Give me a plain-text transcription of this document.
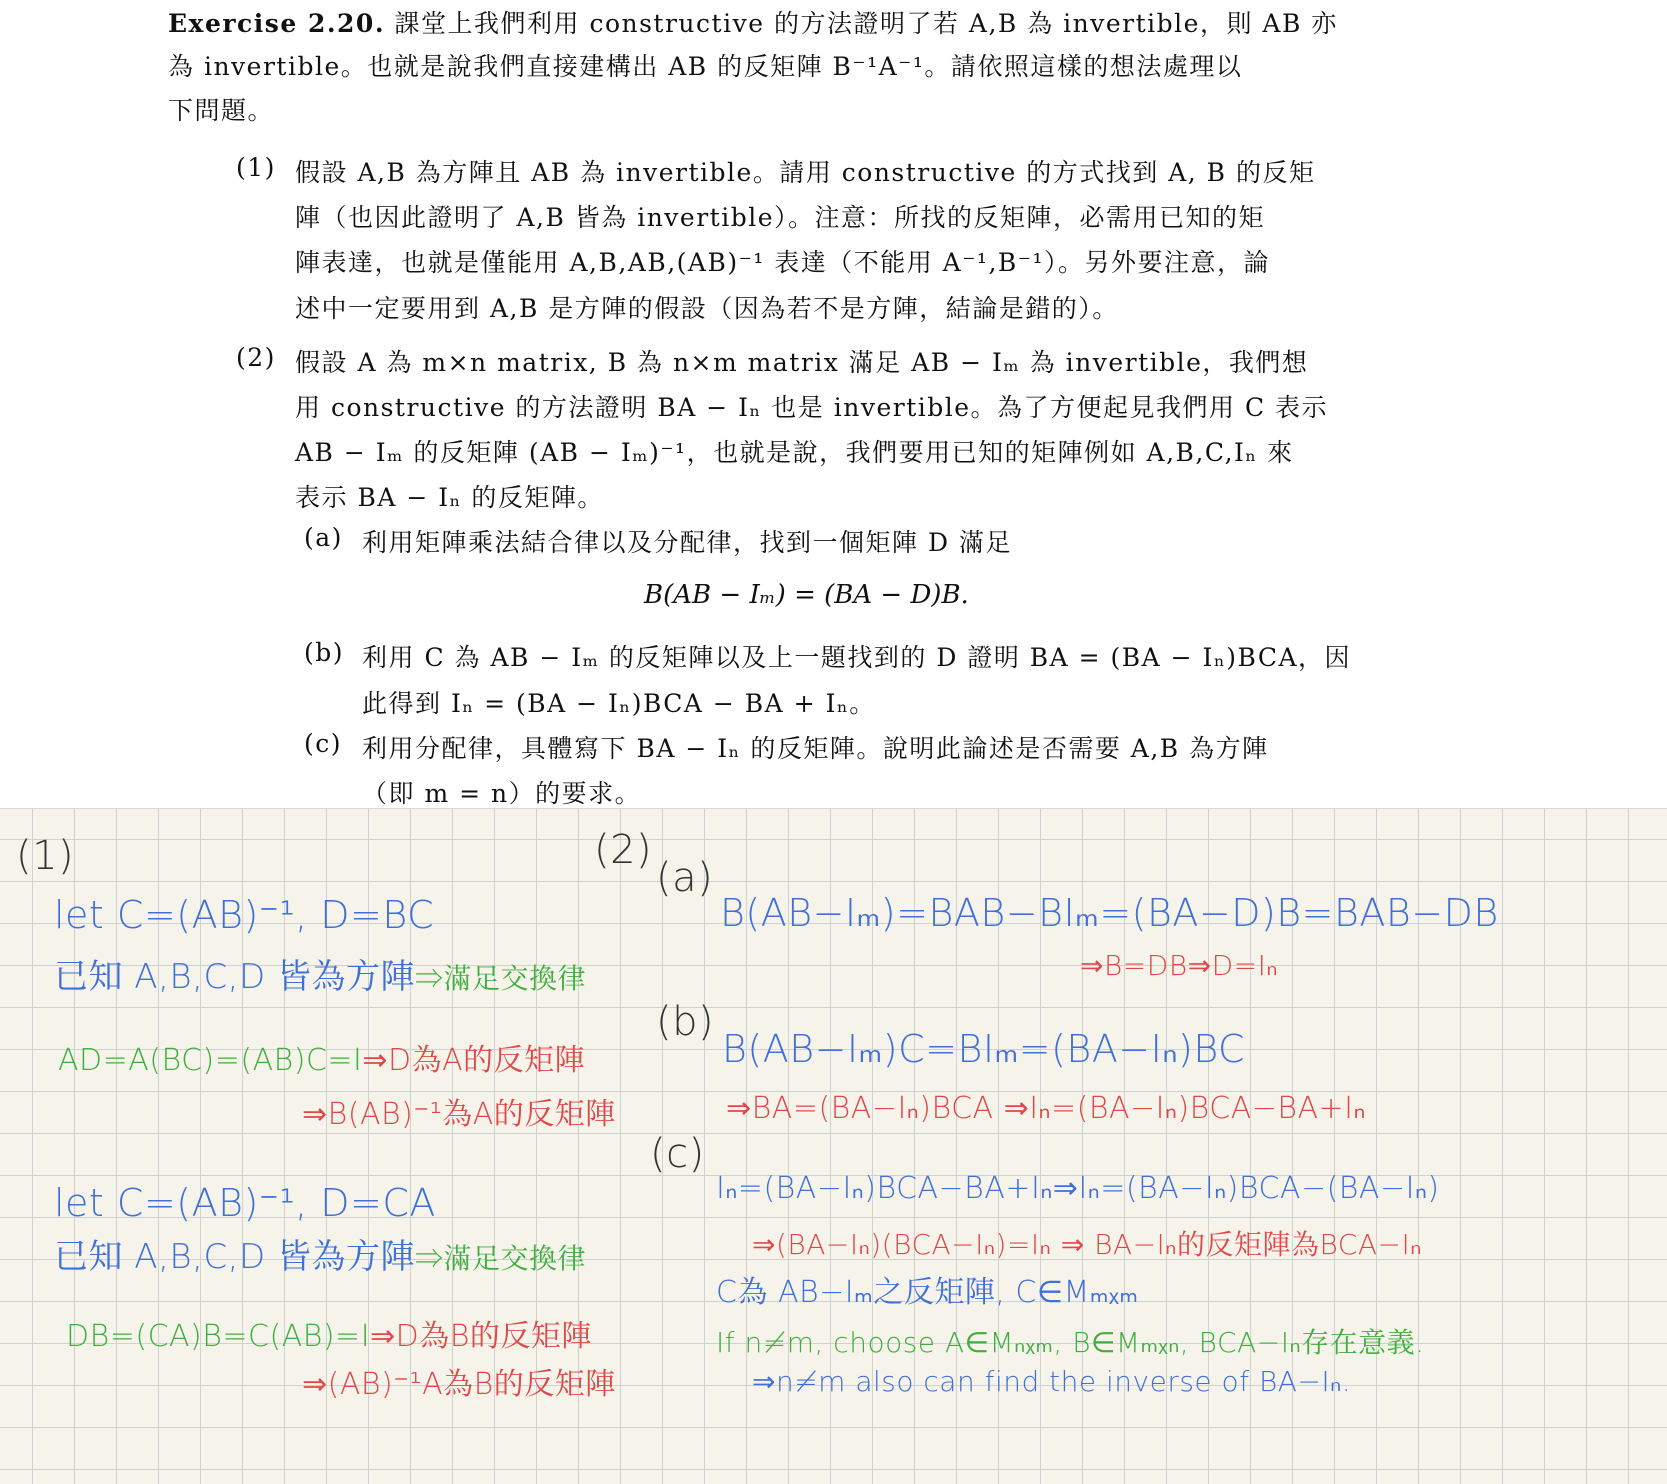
Exercise 2.20. 課堂上我們利用 constructive 的方法證明了若 A,B 為 invertible，則 AB 亦
為 invertible。也就是說我們直接建構出 AB 的反矩陣 B⁻¹A⁻¹。請依照這樣的想法處理以
下問題。
(1) 假設 A,B 為方陣且 AB 為 invertible。請用 constructive 的方式找到 A, B 的反矩
陣（也因此證明了 A,B 皆為 invertible）。注意：所找的反矩陣，必需用已知的矩
陣表達，也就是僅能用 A,B,AB,(AB)⁻¹ 表達（不能用 A⁻¹,B⁻¹）。另外要注意，論
述中一定要用到 A,B 是方陣的假設（因為若不是方陣，結論是錯的）。
(2) 假設 A 為 m×n matrix, B 為 n×m matrix 滿足 AB − Iₘ 為 invertible，我們想
用 constructive 的方法證明 BA − Iₙ 也是 invertible。為了方便起見我們用 C 表示
AB − Iₘ 的反矩陣 (AB − Iₘ)⁻¹，也就是說，我們要用已知的矩陣例如 A,B,C,Iₙ 來
表示 BA − Iₙ 的反矩陣。
(a) 利用矩陣乘法結合律以及分配律，找到一個矩陣 D 滿足
B(AB − Iₘ) = (BA − D)B.
(b) 利用 C 為 AB − Iₘ 的反矩陣以及上一題找到的 D 證明 BA = (BA − Iₙ)BCA，因
此得到 Iₙ = (BA − Iₙ)BCA − BA + Iₙ。
(c) 利用分配律，具體寫下 BA − Iₙ 的反矩陣。說明此論述是否需要 A,B 為方陣
（即 m = n）的要求。
(1)	(2)
(a)
(b)
(c)
let C=(AB)⁻¹, D=BC
已知 A,B,C,D 皆為方陣⇒滿足交換律
AD=A(BC)=(AB)C=I⇒D為A的反矩陣
⇒B(AB)⁻¹為A的反矩陣
let C=(AB)⁻¹, D=CA
已知 A,B,C,D 皆為方陣⇒滿足交換律
DB=(CA)B=C(AB)=I⇒D為B的反矩陣
⇒(AB)⁻¹A為B的反矩陣
B(AB−Iₘ)=BAB−BIₘ=(BA−D)B=BAB−DB
⇒B=DB⇒D=Iₙ
B(AB−Iₘ)C=BIₘ=(BA−Iₙ)BC
⇒BA=(BA−Iₙ)BCA ⇒Iₙ=(BA−Iₙ)BCA−BA+Iₙ
Iₙ=(BA−Iₙ)BCA−BA+Iₙ⇒Iₙ=(BA−Iₙ)BCA−(BA−Iₙ)
⇒(BA−Iₙ)(BCA−Iₙ)=Iₙ ⇒ BA−Iₙ的反矩陣為BCA−Iₙ
C為 AB−Iₘ之反矩陣, C∈Mₘₓₘ
If n≠m, choose A∈Mₙₓₘ, B∈Mₘₓₙ, BCA−Iₙ存在意義.
⇒n≠m also can find the inverse of BA−Iₙ.
